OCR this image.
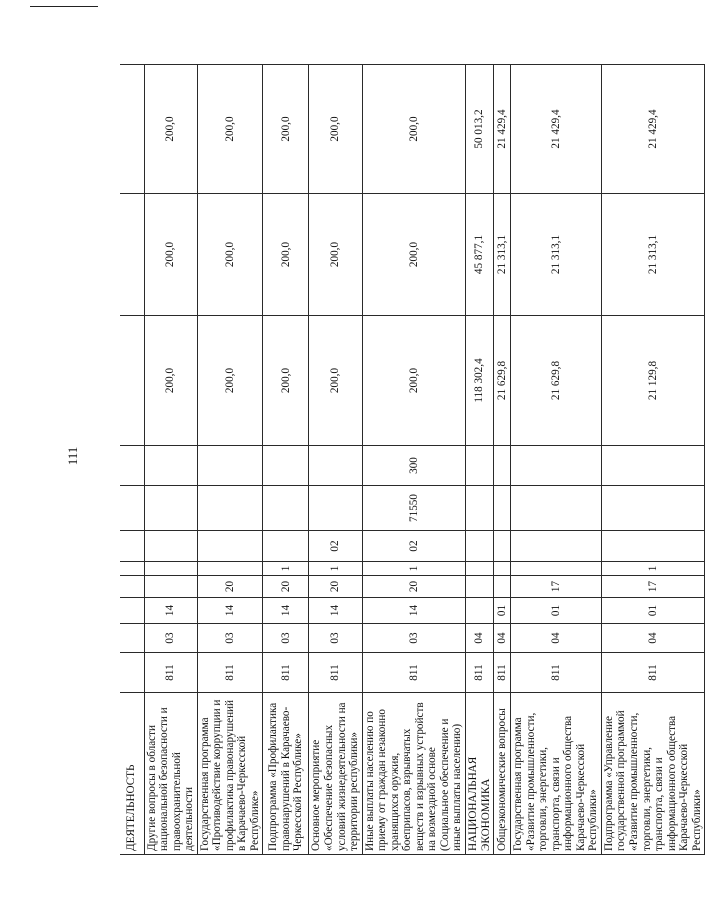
111
ДЕЯТЕЛЬНОСТЬ											
Другие вопросы в области национальной безопасности и правоохранительной деятельности	811	03	14						200,0	200,0	200,0
Государственная программа «Противодействие коррупции и профилактика правонарушений в Карачаево-Черкесской Республике»	811	03	14	20					200,0	200,0	200,0
Подпрограмма «Профилактика правонарушений в Карачаево-Черкесской Республике»	811	03	14	20	1				200,0	200,0	200,0
Основное мероприятие «Обеспечение безопасных условий жизнедеятельности на территории республики»	811	03	14	20	1	02			200,0	200,0	200,0
Иные выплаты населению по приему от граждан незаконно хранящихся оружия, боеприпасов, взрывчатых веществ и взрывных устройств на возмездной основе (Социальное обеспечение и иные выплаты населению)	811	03	14	20	1	02	71550	300	200,0	200,0	200,0
НАЦИОНАЛЬНАЯ ЭКОНОМИКА	811	04							118 302,4	45 877,1	50 013,2
Общеэкономические вопросы	811	04	01						21 629,8	21 313,1	21 429,4
Государственная программа «Развитие промышленности, торговли, энергетики, транспорта, связи и информационного общества Карачаево-Черкесской Республики»	811	04	01	17					21 629,8	21 313,1	21 429,4
Подпрограмма «Управление государственной программой «Развитие промышленности, торговли, энергетики, транспорта, связи и информационного общества Карачаево-Черкесской Республики»	811	04	01	17	1				21 129,8	21 313,1	21 429,4
